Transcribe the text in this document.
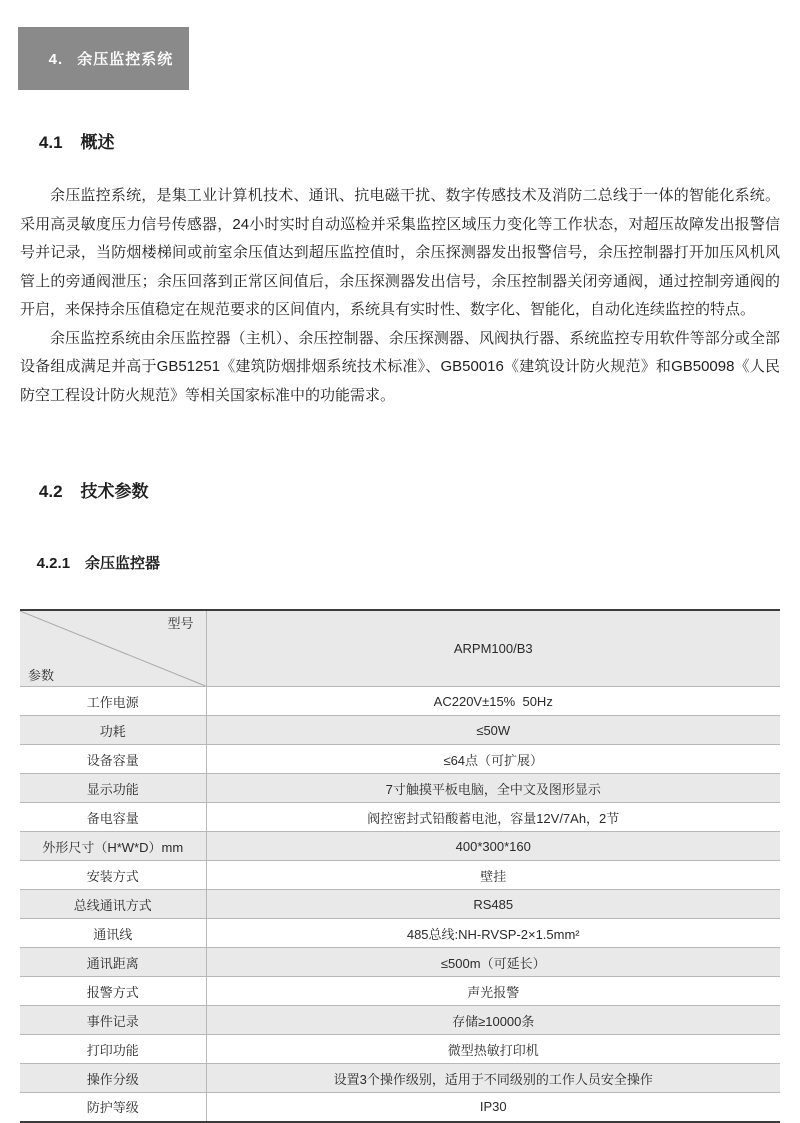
4. 余压监控系统

4.1 概述

余压监控系统，是集工业计算机技术、通讯、抗电磁干扰、数字传感技术及消防二总线于一体的智能化系统。采用高灵敏度压力信号传感器，24小时实时自动巡检并采集监控区域压力变化等工作状态，对超压故障发出报警信号并记录，当防烟楼梯间或前室余压值达到超压监控值时，余压探测器发出报警信号，余压控制器打开加压风机风管上的旁通阀泄压；余压回落到正常区间值后，余压探测器发出信号，余压控制器关闭旁通阀，通过控制旁通阀的开启，来保持余压值稳定在规范要求的区间值内，系统具有实时性、数字化、智能化，自动化连续监控的特点。

余压监控系统由余压监控器（主机）、余压控制器、余压探测器、风阀执行器、系统监控专用软件等部分或全部设备组成满足并高于GB51251《建筑防烟排烟系统技术标准》、GB50016《建筑设计防火规范》和GB50098《人民防空工程设计防火规范》等相关国家标准中的功能需求。

4.2 技术参数

4.2.1 余压监控器

型号

参数	ARPM100/B3
工作电源	AC220V±15%  50Hz
功耗	≤50W
设备容量	≤64点（可扩展）
显示功能	7寸触摸平板电脑，全中文及图形显示
备电容量	阀控密封式铅酸蓄电池，容量12V/7Ah，2节
外形尺寸（H*W*D）mm	400*300*160
安装方式	壁挂
总线通讯方式	RS485
通讯线	485总线:NH-RVSP-2×1.5mm²
通讯距离	≤500m（可延长）
报警方式	声光报警
事件记录	存储≥10000条
打印功能	微型热敏打印机
操作分级	设置3个操作级别，适用于不同级别的工作人员安全操作
防护等级	IP30
